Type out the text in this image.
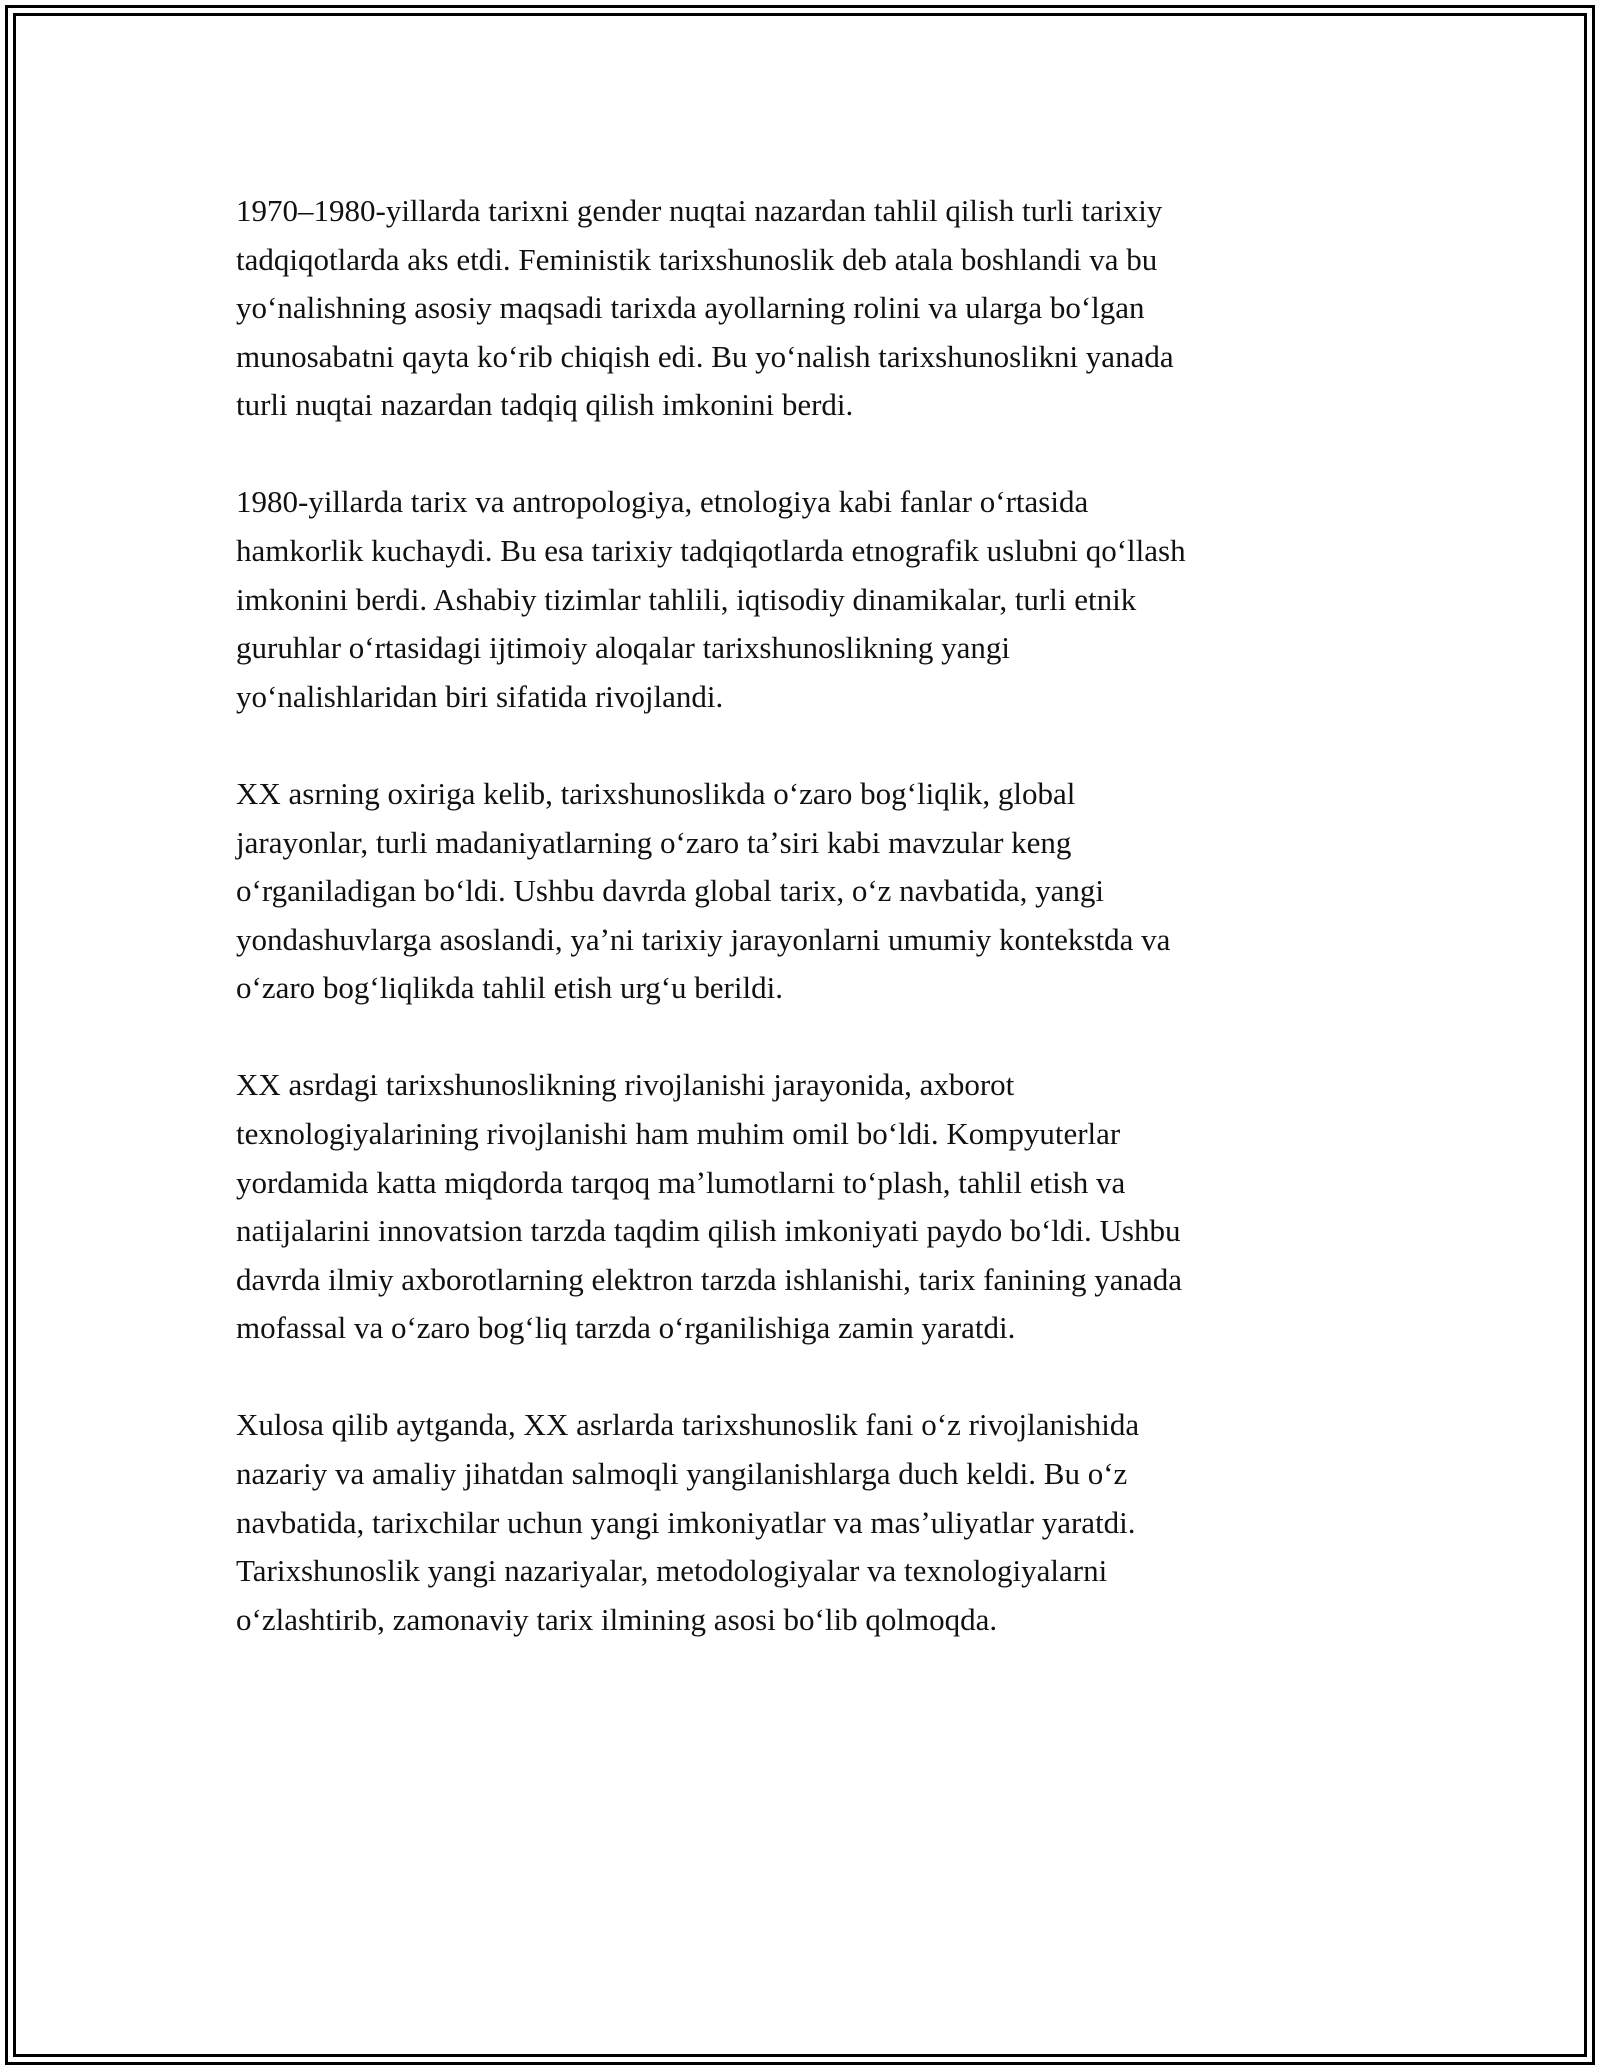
1970–1980-yillarda tarixni gender nuqtai nazardan tahlil qilish turli tarixiy
tadqiqotlarda aks etdi. Feministik tarixshunoslik deb atala boshlandi va bu
yoʻnalishning asosiy maqsadi tarixda ayollarning rolini va ularga boʻlgan
munosabatni qayta koʻrib chiqish edi. Bu yoʻnalish tarixshunoslikni yanada
turli nuqtai nazardan tadqiq qilish imkonini berdi.
1980-yillarda tarix va antropologiya, etnologiya kabi fanlar oʻrtasida
hamkorlik kuchaydi. Bu esa tarixiy tadqiqotlarda etnografik uslubni qoʻllash
imkonini berdi. Ashabiy tizimlar tahlili, iqtisodiy dinamikalar, turli etnik
guruhlar oʻrtasidagi ijtimoiy aloqalar tarixshunoslikning yangi
yoʻnalishlaridan biri sifatida rivojlandi.
XX asrning oxiriga kelib, tarixshunoslikda oʻzaro bogʻliqlik, global
jarayonlar, turli madaniyatlarning oʻzaro taʼsiri kabi mavzular keng
oʻrganiladigan boʻldi. Ushbu davrda global tarix, oʻz navbatida, yangi
yondashuvlarga asoslandi, yaʼni tarixiy jarayonlarni umumiy kontekstda va
oʻzaro bogʻliqlikda tahlil etish urgʻu berildi.
XX asrdagi tarixshunoslikning rivojlanishi jarayonida, axborot
texnologiyalarining rivojlanishi ham muhim omil boʻldi. Kompyuterlar
yordamida katta miqdorda tarqoq maʼlumotlarni toʻplash, tahlil etish va
natijalarini innovatsion tarzda taqdim qilish imkoniyati paydo boʻldi. Ushbu
davrda ilmiy axborotlarning elektron tarzda ishlanishi, tarix fanining yanada
mofassal va oʻzaro bogʻliq tarzda oʻrganilishiga zamin yaratdi.
Xulosa qilib aytganda, XX asrlarda tarixshunoslik fani oʻz rivojlanishida
nazariy va amaliy jihatdan salmoqli yangilanishlarga duch keldi. Bu oʻz
navbatida, tarixchilar uchun yangi imkoniyatlar va masʼuliyatlar yaratdi.
Tarixshunoslik yangi nazariyalar, metodologiyalar va texnologiyalarni
oʻzlashtirib, zamonaviy tarix ilmining asosi boʻlib qolmoqda.
